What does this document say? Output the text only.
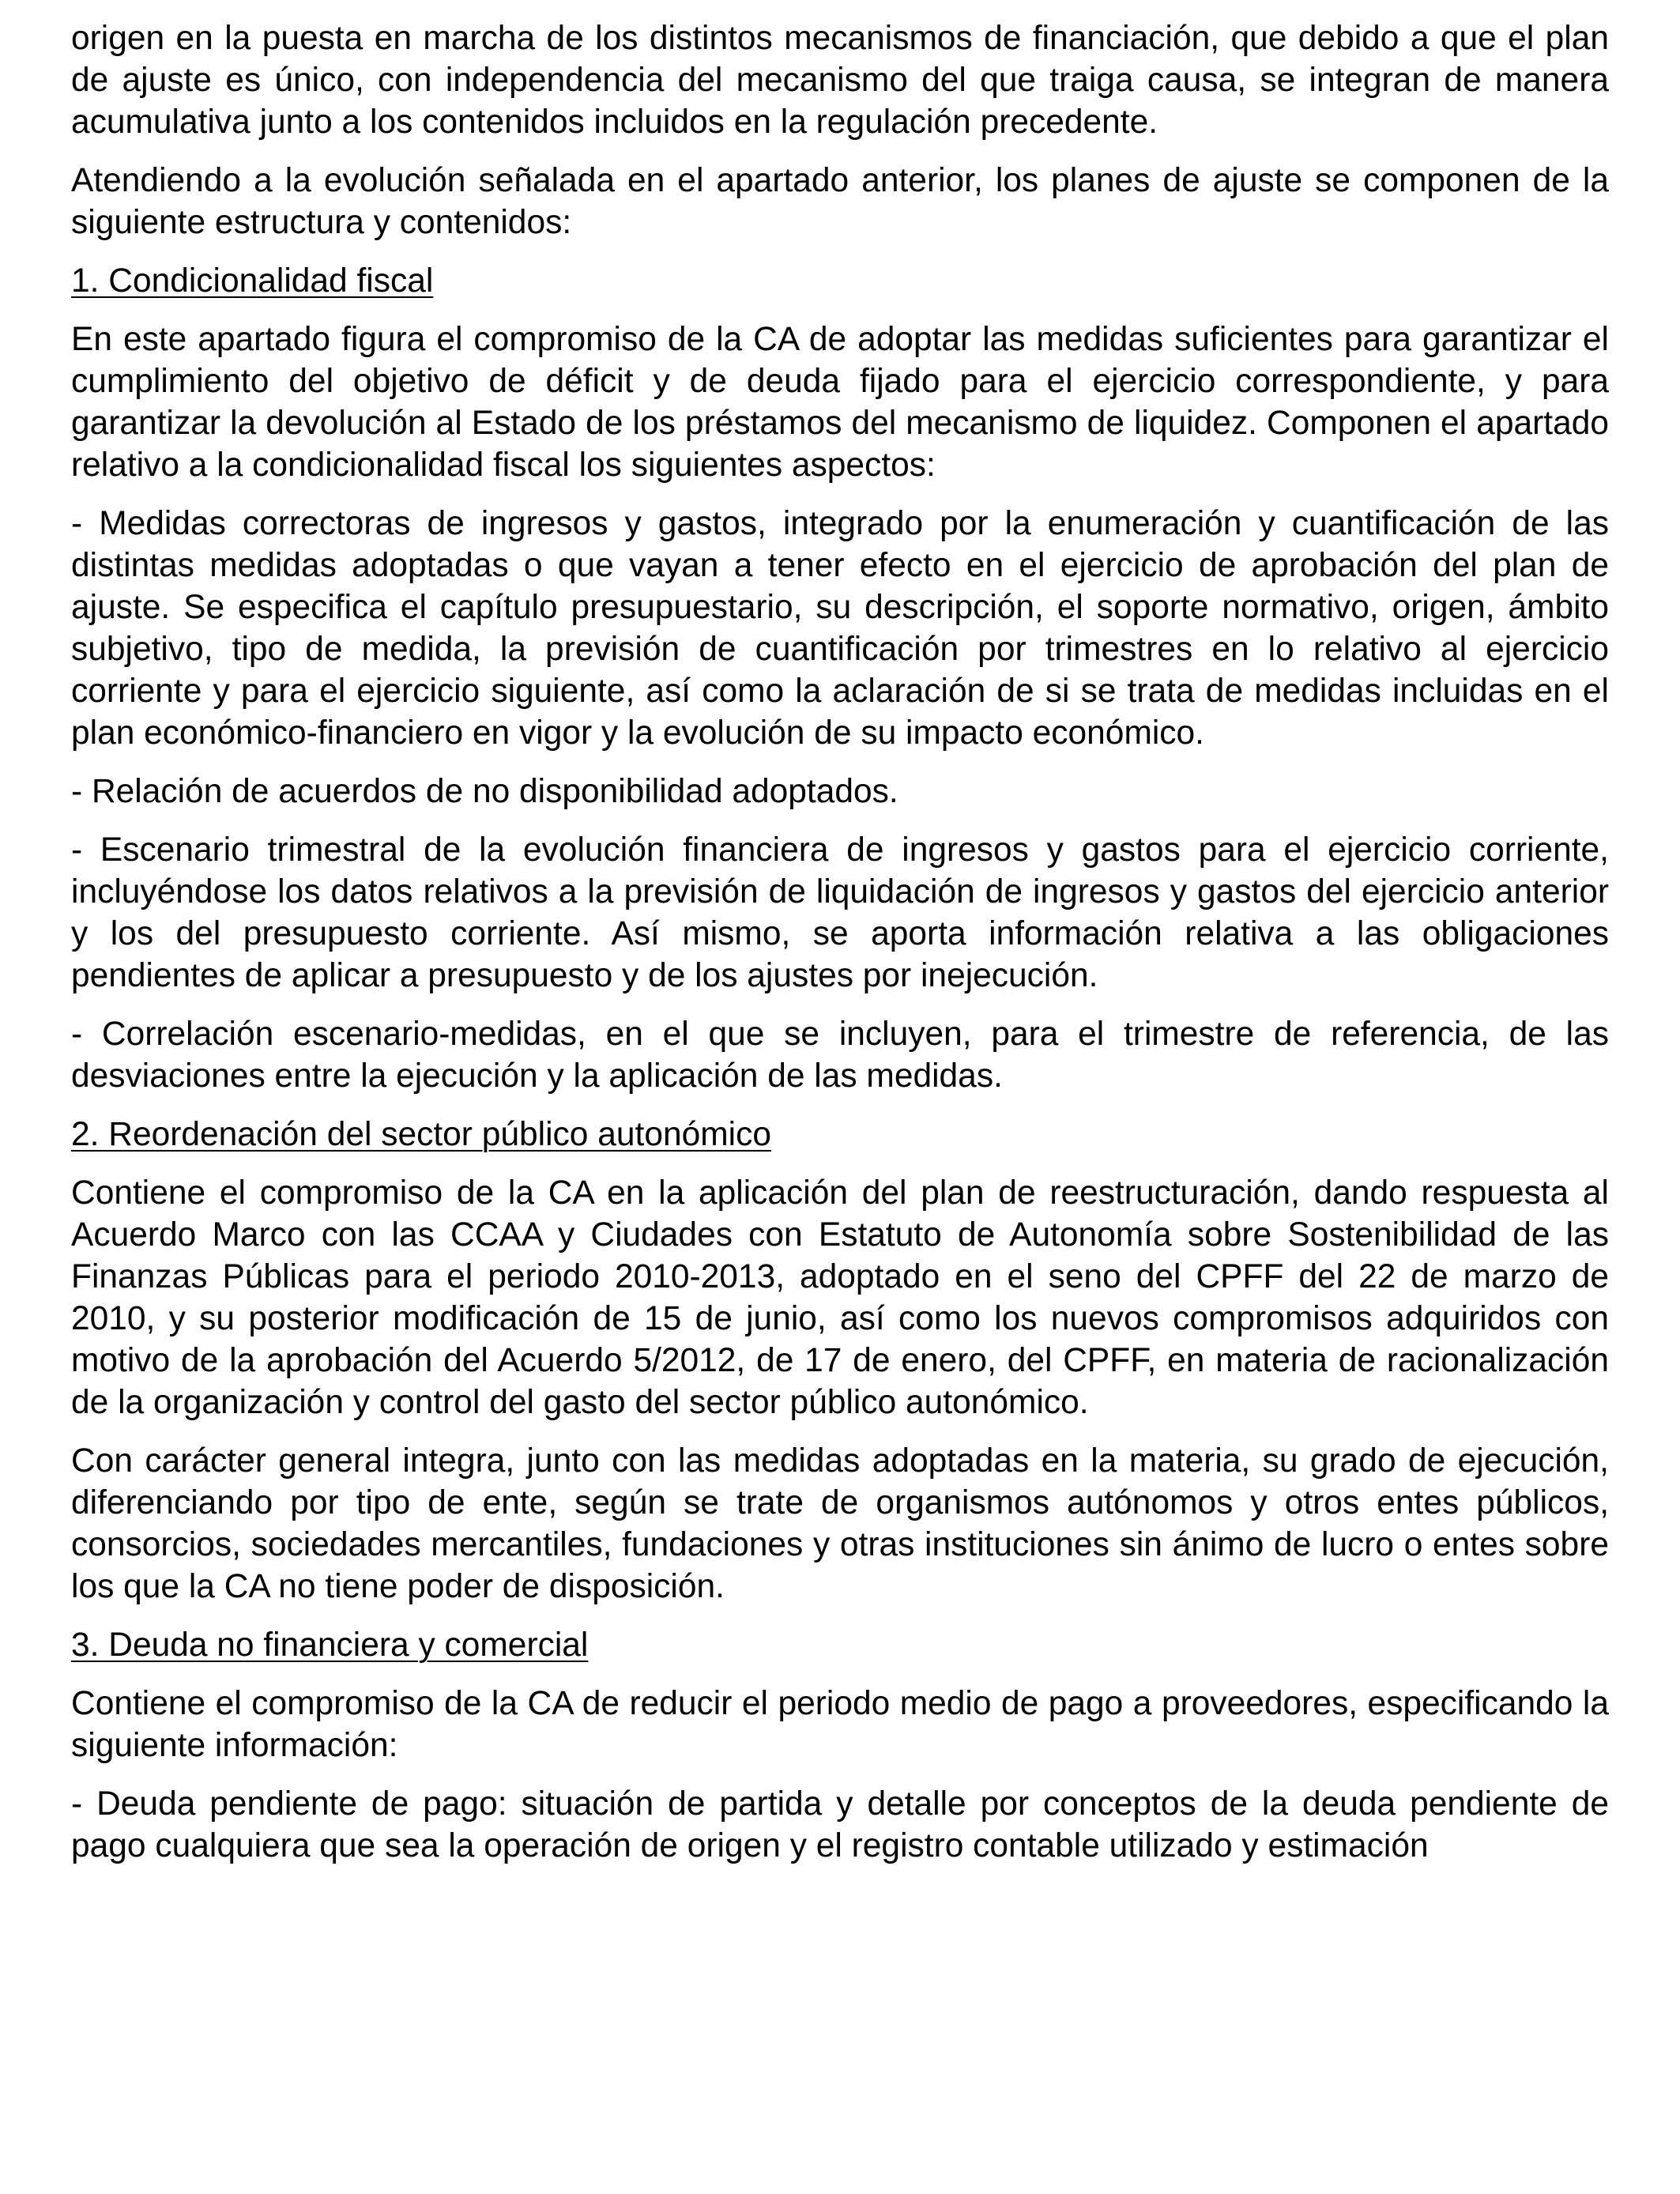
origen en la puesta en marcha de los distintos mecanismos de financiación, que debido a que el plan de ajuste es único, con independencia del mecanismo del que traiga causa, se integran de manera acumulativa junto a los contenidos incluidos en la regulación precedente.

Atendiendo a la evolución señalada en el apartado anterior, los planes de ajuste se componen de la siguiente estructura y contenidos:

1. Condicionalidad fiscal

En este apartado figura el compromiso de la CA de adoptar las medidas suficientes para garantizar el cumplimiento del objetivo de déficit y de deuda fijado para el ejercicio correspondiente, y para garantizar la devolución al Estado de los préstamos del mecanismo de liquidez. Componen el apartado relativo a la condicionalidad fiscal los siguientes aspectos:

- Medidas correctoras de ingresos y gastos, integrado por la enumeración y cuantificación de las distintas medidas adoptadas o que vayan a tener efecto en el ejercicio de aprobación del plan de ajuste. Se especifica el capítulo presupuestario, su descripción, el soporte normativo, origen, ámbito subjetivo, tipo de medida, la previsión de cuantificación por trimestres en lo relativo al ejercicio corriente y para el ejercicio siguiente, así como la aclaración de si se trata de medidas incluidas en el plan económico-financiero en vigor y la evolución de su impacto económico.

- Relación de acuerdos de no disponibilidad adoptados.

- Escenario trimestral de la evolución financiera de ingresos y gastos para el ejercicio corriente, incluyéndose los datos relativos a la previsión de liquidación de ingresos y gastos del ejercicio anterior y los del presupuesto corriente. Así mismo, se aporta información relativa a las obligaciones pendientes de aplicar a presupuesto y de los ajustes por inejecución.

- Correlación escenario-medidas, en el que se incluyen, para el trimestre de referencia, de las desviaciones entre la ejecución y la aplicación de las medidas.

2. Reordenación del sector público autonómico

Contiene el compromiso de la CA en la aplicación del plan de reestructuración, dando respuesta al Acuerdo Marco con las CCAA y Ciudades con Estatuto de Autonomía sobre Sostenibilidad de las Finanzas Públicas para el periodo 2010-2013, adoptado en el seno del CPFF del 22 de marzo de 2010, y su posterior modificación de 15 de junio, así como los nuevos compromisos adquiridos con motivo de la aprobación del Acuerdo 5/2012, de 17 de enero, del CPFF, en materia de racionalización de la organización y control del gasto del sector público autonómico.

Con carácter general integra, junto con las medidas adoptadas en la materia, su grado de ejecución, diferenciando por tipo de ente, según se trate de organismos autónomos y otros entes públicos, consorcios, sociedades mercantiles, fundaciones y otras instituciones sin ánimo de lucro o entes sobre los que la CA no tiene poder de disposición.

3. Deuda no financiera y comercial

Contiene el compromiso de la CA de reducir el periodo medio de pago a proveedores, especificando la siguiente información:

- Deuda pendiente de pago: situación de partida y detalle por conceptos de la deuda pendiente de pago cualquiera que sea la operación de origen y el registro contable utilizado y estimación
